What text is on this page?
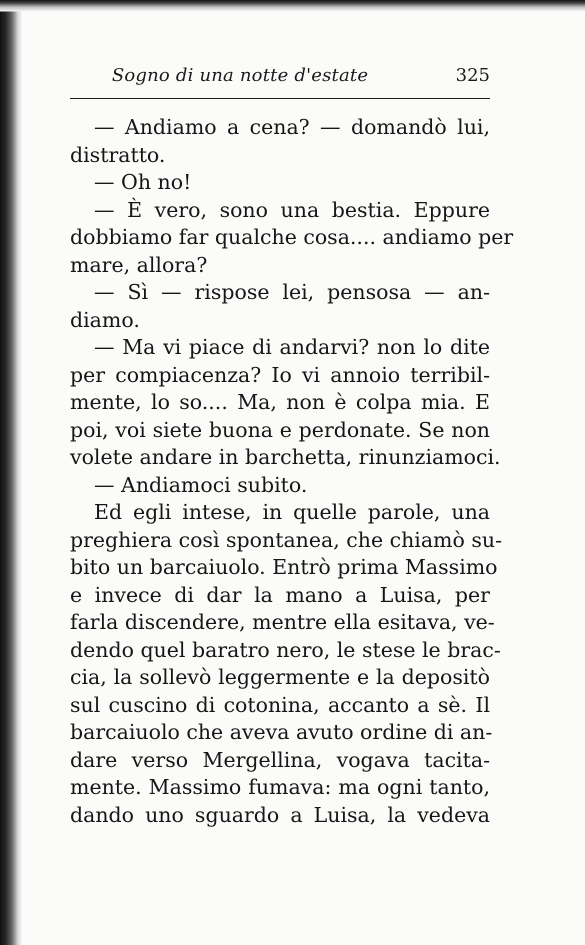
Sogno di una notte d'estate	325
— Andiamo a cena? — domandò lui,
distratto.
— Oh no!
— È vero, sono una bestia. Eppure
dobbiamo far qualche cosa.... andiamo per
mare, allora?
— Sì — rispose lei, pensosa — an-
diamo.
— Ma vi piace di andarvi? non lo dite
per compiacenza? Io vi annoio terribil-
mente, lo so.... Ma, non è colpa mia. E
poi, voi siete buona e perdonate. Se non
volete andare in barchetta, rinunziamoci.
— Andiamoci subito.
Ed egli intese, in quelle parole, una
preghiera così spontanea, che chiamò su-
bito un barcaiuolo. Entrò prima Massimo
e invece di dar la mano a Luisa, per
farla discendere, mentre ella esitava, ve-
dendo quel baratro nero, le stese le brac-
cia, la sollevò leggermente e la depositò
sul cuscino di cotonina, accanto a sè. Il
barcaiuolo che aveva avuto ordine di an-
dare verso Mergellina, vogava tacita-
mente. Massimo fumava: ma ogni tanto,
dando uno sguardo a Luisa, la vedeva
